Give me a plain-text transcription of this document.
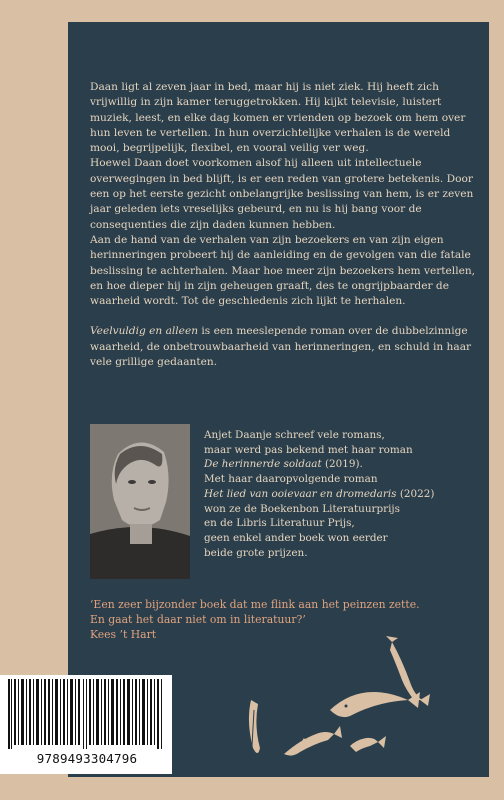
Daan ligt al zeven jaar in bed, maar hij is niet ziek. Hij heeft zich vrijwillig in zijn kamer teruggetrokken. Hij kijkt televisie, luistert muziek, leest, en elke dag komen er vrienden op bezoek om hem over hun leven te vertellen. In hun overzichtelijke verhalen is de wereld mooi, begrijpelijk, flexibel, en vooral veilig ver weg.

Hoewel Daan doet voorkomen alsof hij alleen uit intellectuele overwegingen in bed blijft, is er een reden van grotere betekenis. Door een op het eerste gezicht onbelangrijke beslissing van hem, is er zeven jaar geleden iets vreselijks gebeurd, en nu is hij bang voor de consequenties die zijn daden kunnen hebben.

Aan de hand van de verhalen van zijn bezoekers en van zijn eigen herinneringen probeert hij de aanleiding en de gevolgen van die fatale beslissing te achterhalen. Maar hoe meer zijn bezoekers hem vertellen, en hoe dieper hij in zijn geheugen graaft, des te ongrijpbaarder de waarheid wordt. Tot de geschiedenis zich lijkt te herhalen.

Veelvuldig en alleen is een meeslepende roman over de dubbelzinnige waarheid, de onbetrouwbaarheid van herinneringen, en schuld in haar vele grillige gedaanten.

Anjet Daanje schreef vele romans,
maar werd pas bekend met haar roman
De herinnerde soldaat (2019).
Met haar daaropvolgende roman
Het lied van ooievaar en dromedaris (2022)
won ze de Boekenbon Literatuurprijs
en de Libris Literatuur Prijs,
geen enkel ander boek won eerder
beide grote prijzen.
‘Een zeer bijzonder boek dat me flink aan het peinzen zette.
En gaat het daar niet om in literatuur?’
Kees ’t Hart
9789493304796
